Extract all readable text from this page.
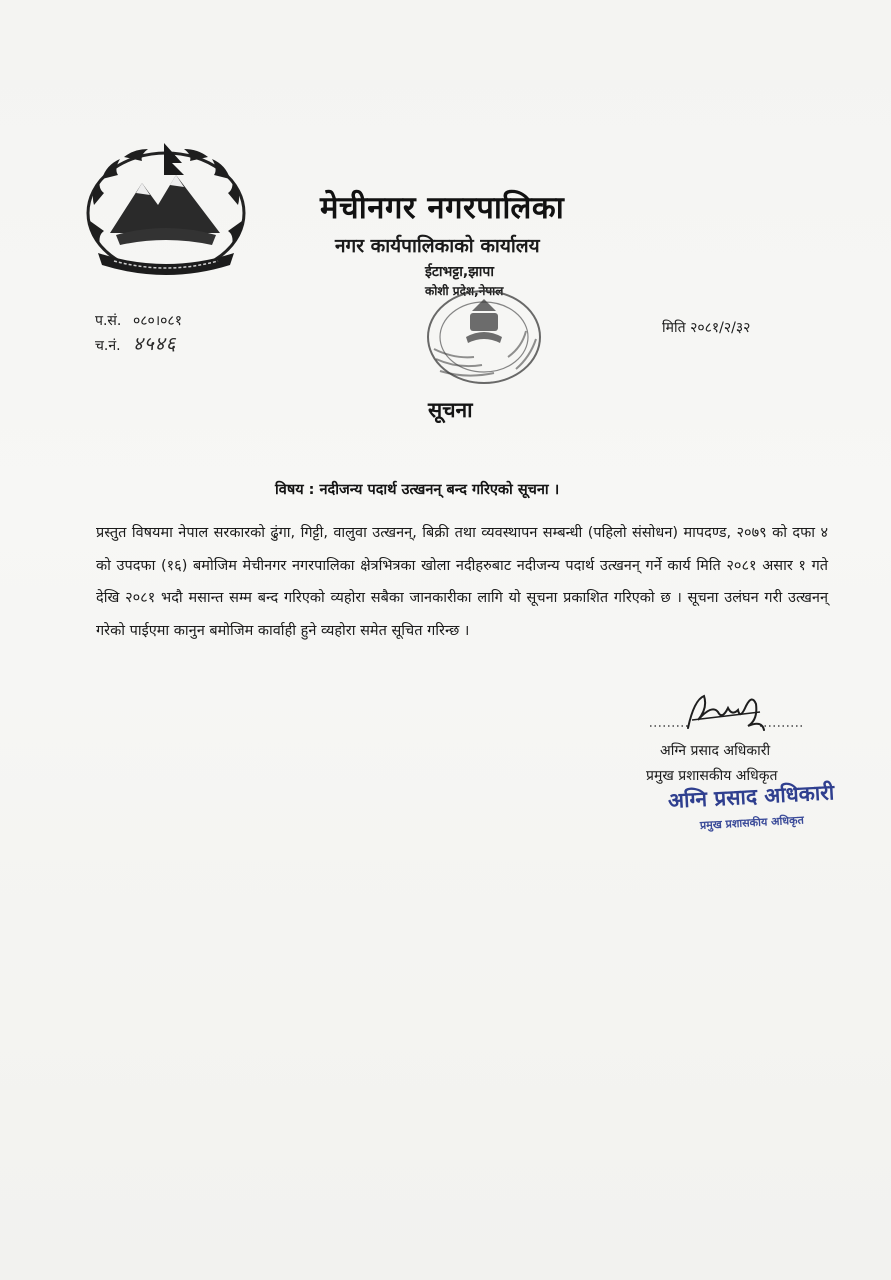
मेचीनगर नगरपालिका
नगर कार्यपालिकाको कार्यालय
ईटाभट्टा,झापा
कोशी प्रदेश,नेपाल
सूचना
प.सं. ०८०।०८१
च.नं. ४५४६
मिति २०८१/२/३२
विषय : नदीजन्य पदार्थ उत्खनन् बन्द गरिएको सूचना ।
प्रस्तुत विषयमा नेपाल सरकारको ढुंगा, गिट्टी, वालुवा उत्खनन्, बिक्री तथा व्यवस्थापन सम्बन्धी (पहिलो संसोधन) मापदण्ड, २०७९ को दफा ४ को उपदफा (१६) बमोजिम मेचीनगर नगरपालिका क्षेत्रभित्रका खोला नदीहरुबाट नदीजन्य पदार्थ उत्खनन् गर्ने कार्य मिति २०८१ असार १ गते देखि २०८१ भदौ मसान्त सम्म बन्द गरिएको व्यहोरा सबैका जानकारीका लागि यो सूचना प्रकाशित गरिएको छ । सूचना उलंघन गरी उत्खनन् गरेको पाईएमा कानुन बमोजिम कार्वाही हुने व्यहोरा समेत सूचित गरिन्छ ।
अग्नि प्रसाद अधिकारी
प्रमुख प्रशासकीय अधिकृत
अग्नि प्रसाद अधिकारी
प्रमुख प्रशासकीय अधिकृत
